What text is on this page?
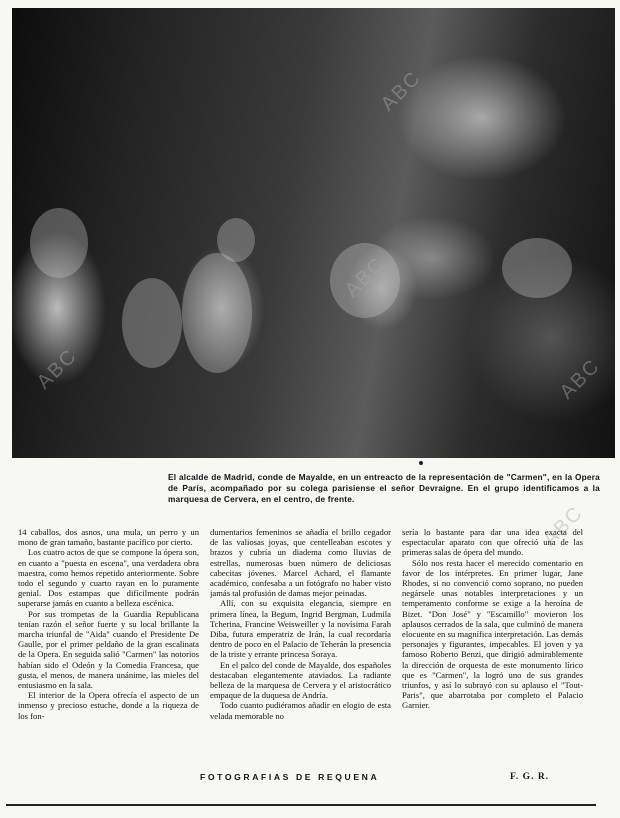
ABC
ABC
ABC	ABC
ABC
El alcalde de Madrid, conde de Mayalde, en un entreacto de la representación de "Carmen", en la Opera de París, acompañado por su colega parisiense el señor Devraigne. En el grupo identificamos a la marquesa de Cervera, en el centro, de frente.

14 caballos, dos asnos, una mula, un perro y un mono de gran tamaño, bastante pacífico por cierto.

Los cuatro actos de que se compone la ópera son, en cuanto a "puesta en escena", una verdadera obra maestra, como hemos repetido anteriormente. Sobre todo el segundo y cuarto rayan en lo puramente genial. Dos estampas que difícilmente podrán superarse jamás en cuanto a belleza escénica.

Por sus trompetas de la Guardia Republicana tenían razón el señor fuerte y su local brillante la marcha triunfal de "Aida" cuando el Presidente De Gaulle, por el primer peldaño de la gran escalinata de la Opera. En seguida salió "Carmen" las notorios habían sido el Odeón y la Comedia Francesa, que gusta, el menos, de manera unánime, las mieles del entusiasmo en la sala.

El interior de la Opera ofrecía el aspecto de un inmenso y precioso estuche, donde a la riqueza de los fon-

dumentarios femeninos se añadía el brillo cegador de las valiosas joyas, que centelleaban escotes y brazos y cubría un diadema como lluvias de estrellas, numerosas buen número de deliciosas cabecitas jóvenes. Marcel Achard, el flamante académico, confesaba a un fotógrafo no haber visto jamás tal profusión de damas mejor peinadas.

Allí, con su exquisita elegancia, siempre en primera línea, la Begum, Ingrid Bergman, Ludmila Tcherina, Francine Weisweiller y la novísima Farah Diba, futura emperatriz de Irán, la cual recordaría dentro de poco en el Palacio de Teherán la presencia de la triste y errante princesa Soraya.

En el palco del conde de Mayalde, dos españoles destacaban elegantemente ataviados. La radiante belleza de la marquesa de Cervera y el aristocrático empaque de la duquesa de Andría.

Todo cuanto pudiéramos añadir en elogio de esta velada memorable no

sería lo bastante para dar una idea exacta del espectacular aparato con que ofreció una de las primeras salas de ópera del mundo.

Sólo nos resta hacer el merecido comentario en favor de los intérpretes. En primer lugar, Jane Rhodes, si no convenció como soprano, no pueden negársele unas notables interpretaciones y un temperamento conforme se exige a la heroína de Bizet. "Don José" y "Escamillo" movieron los aplausos cerrados de la sala, que culminó de manera elocuente en su magnífica interpretación. Las demás personajes y figurantes, impecables. El joven y ya famoso Roberto Benzi, que dirigió admirablemente la dirección de orquesta de este monumento lírico que es "Carmen", la logró uno de sus grandes triunfos, y así lo subrayó con su aplauso el "Tout-Paris", que abarrotaba por completo el Palacio Garnier.

FOTOGRAFIAS DE REQUENA	F. G. R.
